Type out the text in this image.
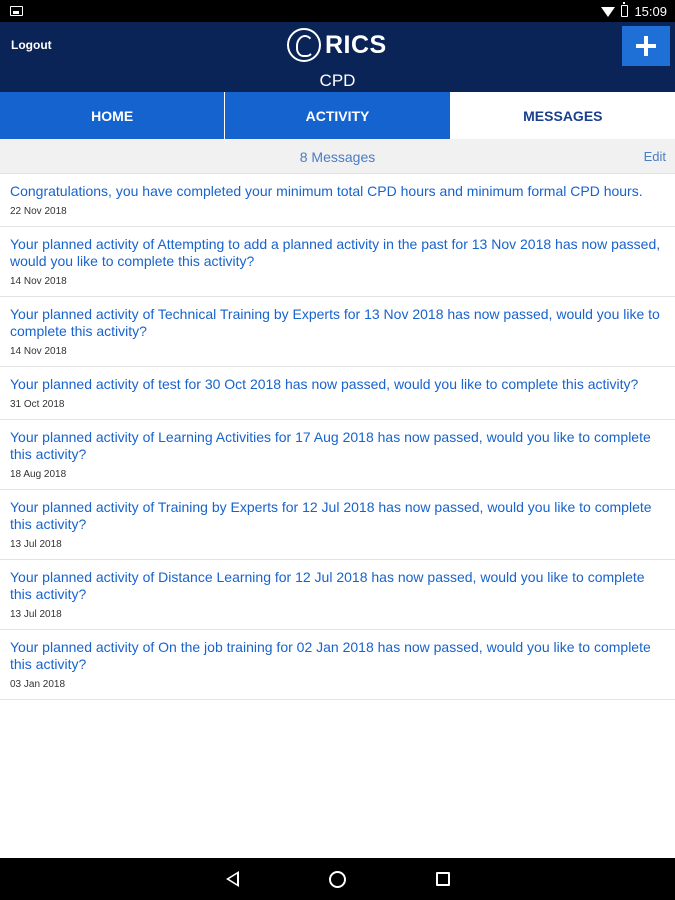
15:09
Logout	RICS
CPD
HOME	ACTIVITY	MESSAGES
8 Messages	Edit
Congratulations, you have completed your minimum total CPD hours and minimum formal CPD hours.
22 Nov 2018
Your planned activity of Attempting to add a planned activity in the past for 13 Nov 2018 has now passed, would you like to complete this activity?
14 Nov 2018
Your planned activity of Technical Training by Experts for 13 Nov 2018 has now passed, would you like to complete this activity?
14 Nov 2018
Your planned activity of test for 30 Oct 2018 has now passed, would you like to complete this activity?
31 Oct 2018
Your planned activity of Learning Activities for 17 Aug 2018 has now passed, would you like to complete this activity?
18 Aug 2018
Your planned activity of Training by Experts for 12 Jul 2018 has now passed, would you like to complete this activity?
13 Jul 2018
Your planned activity of Distance Learning for 12 Jul 2018 has now passed, would you like to complete this activity?
13 Jul 2018
Your planned activity of On the job training for 02 Jan 2018 has now passed, would you like to complete this activity?
03 Jan 2018
